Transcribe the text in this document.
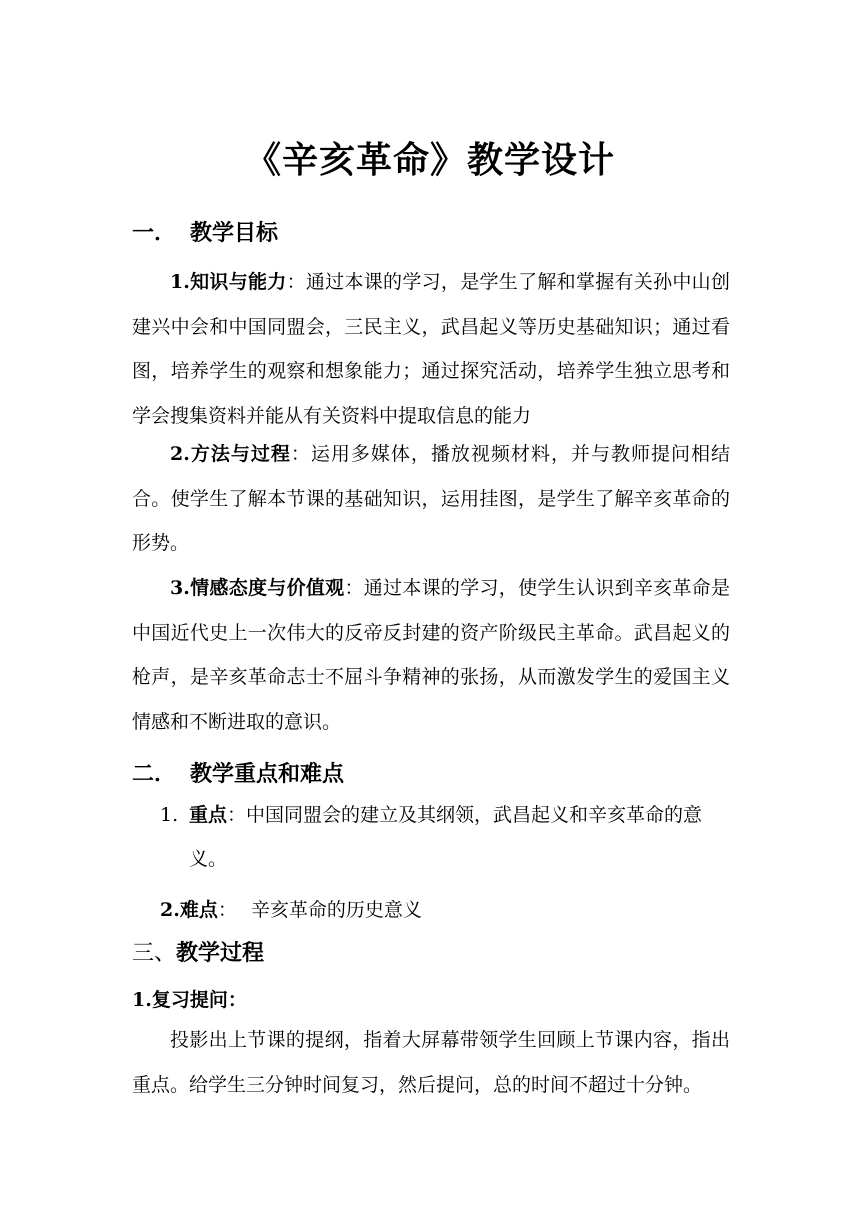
《辛亥革命》教学设计
一． 教学目标
1.知识与能力：通过本课的学习，是学生了解和掌握有关孙中山创建兴中会和中国同盟会，三民主义，武昌起义等历史基础知识；通过看图，培养学生的观察和想象能力；通过探究活动，培养学生独立思考和学会搜集资料并能从有关资料中提取信息的能力
2.方法与过程：运用多媒体，播放视频材料，并与教师提问相结合。使学生了解本节课的基础知识，运用挂图，是学生了解辛亥革命的形势。
3.情感态度与价值观：通过本课的学习，使学生认识到辛亥革命是中国近代史上一次伟大的反帝反封建的资产阶级民主革命。武昌起义的枪声，是辛亥革命志士不屈斗争精神的张扬，从而激发学生的爱国主义情感和不断进取的意识。
二． 教学重点和难点
1. 重点：中国同盟会的建立及其纲领，武昌起义和辛亥革命的意义。
2.难点： 辛亥革命的历史意义
三、教学过程
1.复习提问：
投影出上节课的提纲，指着大屏幕带领学生回顾上节课内容，指出重点。给学生三分钟时间复习，然后提问，总的时间不超过十分钟。
